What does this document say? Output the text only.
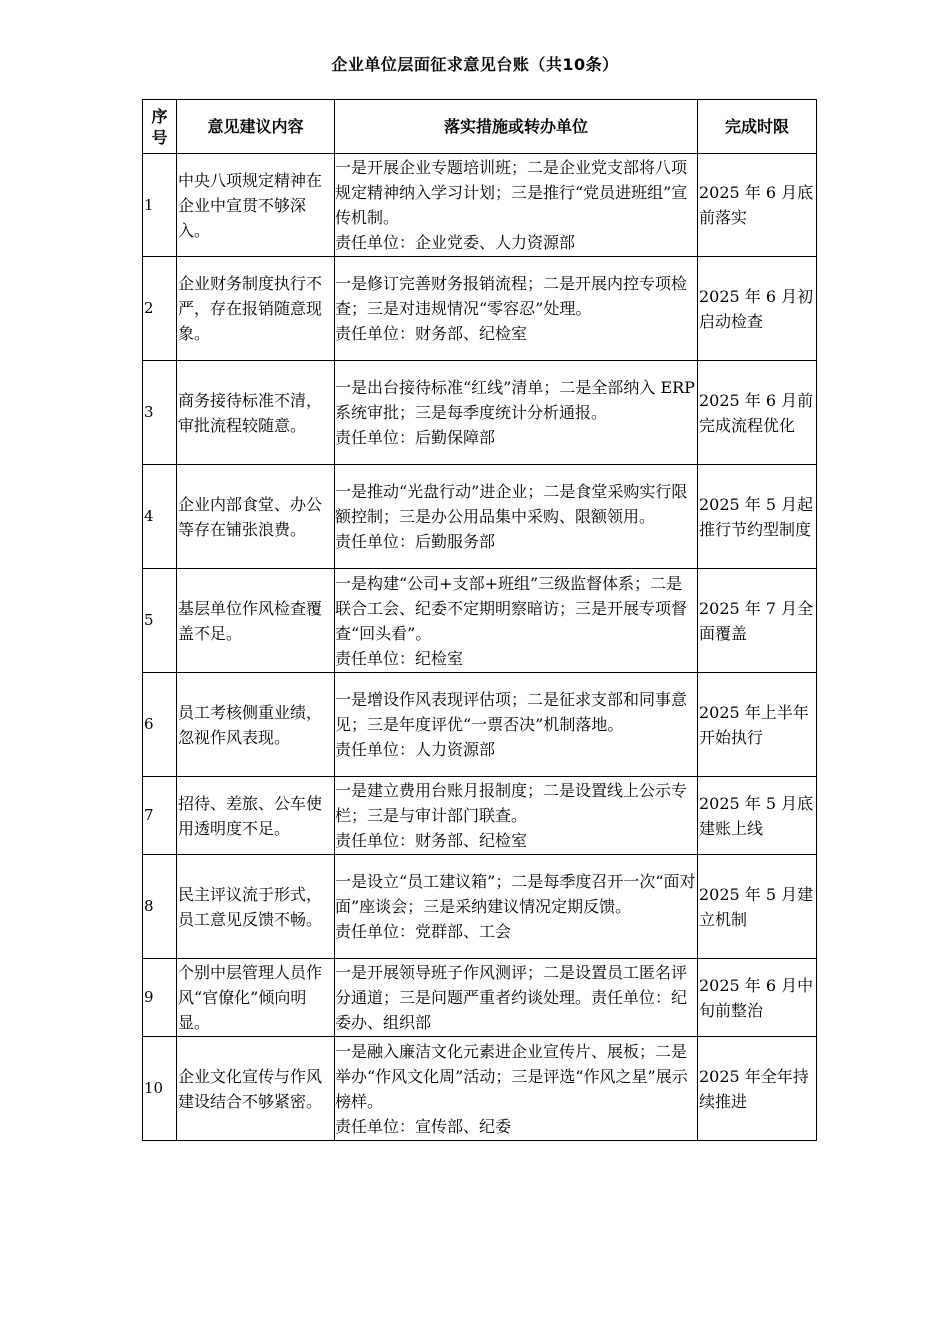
企业单位层面征求意见台账（共10条）
序
号	意见建议内容	落实措施或转办单位	完成时限
1	中央八项规定精神在企业中宣贯不够深入。	一是开展企业专题培训班；二是企业党支部将八项规定精神纳入学习计划；三是推行“党员进班组”宣传机制。
责任单位：企业党委、人力资源部	2025 年 6 月底前落实
2	企业财务制度执行不严，存在报销随意现象。	一是修订完善财务报销流程；二是开展内控专项检查；三是对违规情况“零容忍”处理。
责任单位：财务部、纪检室	2025 年 6 月初启动检查
3	商务接待标准不清，审批流程较随意。	一是出台接待标准“红线”清单；二是全部纳入 ERP 系统审批；三是每季度统计分析通报。
责任单位：后勤保障部	2025 年 6 月前完成流程优化
4	企业内部食堂、办公等存在铺张浪费。	一是推动“光盘行动”进企业；二是食堂采购实行限额控制；三是办公用品集中采购、限额领用。
责任单位：后勤服务部	2025 年 5 月起推行节约型制度
5	基层单位作风检查覆盖不足。	一是构建“公司+支部+班组”三级监督体系；二是联合工会、纪委不定期明察暗访；三是开展专项督查“回头看”。
责任单位：纪检室	2025 年 7 月全面覆盖
6	员工考核侧重业绩，忽视作风表现。	一是增设作风表现评估项；二是征求支部和同事意见；三是年度评优“一票否决”机制落地。
责任单位：人力资源部	2025 年上半年开始执行
7	招待、差旅、公车使用透明度不足。	一是建立费用台账月报制度；二是设置线上公示专栏；三是与审计部门联查。
责任单位：财务部、纪检室	2025 年 5 月底建账上线
8	民主评议流于形式，员工意见反馈不畅。	一是设立“员工建议箱”；二是每季度召开一次“面对面”座谈会；三是采纳建议情况定期反馈。
责任单位：党群部、工会	2025 年 5 月建立机制
9	个别中层管理人员作风“官僚化”倾向明显。	一是开展领导班子作风测评；二是设置员工匿名评分通道；三是问题严重者约谈处理。责任单位：纪委办、组织部	2025 年 6 月中旬前整治
10	企业文化宣传与作风建设结合不够紧密。	一是融入廉洁文化元素进企业宣传片、展板；二是举办“作风文化周”活动；三是评选“作风之星”展示榜样。
责任单位：宣传部、纪委	2025 年全年持续推进
